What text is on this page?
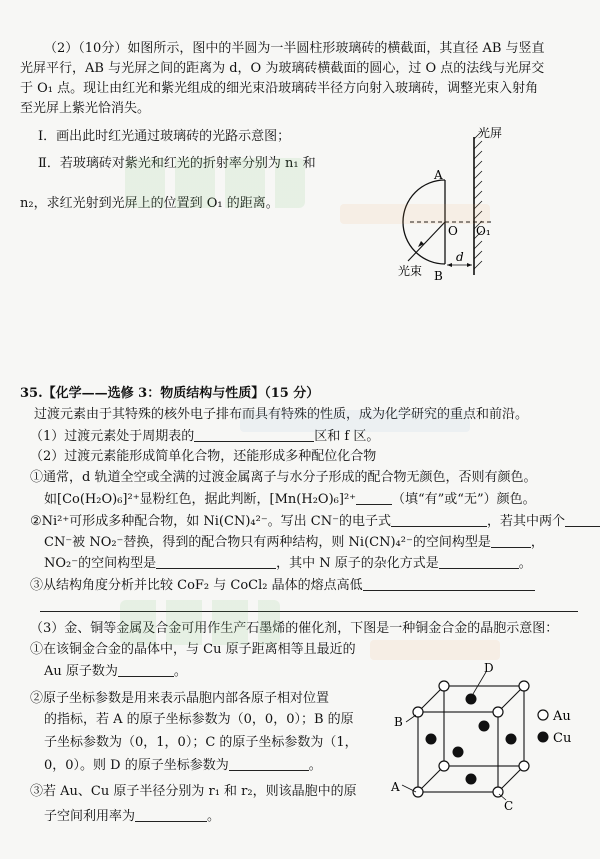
（2）（10分）如图所示，图中的半圆为一半圆柱形玻璃砖的横截面，其直径 AB 与竖直
光屏平行，AB 与光屏之间的距离为 d，O 为玻璃砖横截面的圆心，过 O 点的法线与光屏交
于 O₁ 点。现让由红光和紫光组成的细光束沿玻璃砖半径方向射入玻璃砖，调整光束入射角
至光屏上紫光恰消失。
Ⅰ．画出此时红光通过玻璃砖的光路示意图；
Ⅱ．若玻璃砖对紫光和红光的折射率分别为 n₁ 和
n₂，求红光射到光屏上的位置到 O₁ 的距离。
光屏
A
B
O O₁
d
光束
35.【化学——选修 3：物质结构与性质】（15 分）
过渡元素由于其特殊的核外电子排布而具有特殊的性质，成为化学研究的重点和前沿。
（1）过渡元素处于周期表的	区和 f 区。
（2）过渡元素能形成简单化合物，还能形成多种配位化合物
①通常，d 轨道全空或全满的过渡金属离子与水分子形成的配合物无颜色，否则有颜色。
如[Co(H₂O)₆]²⁺显粉红色，据此判断，[Mn(H₂O)₆]²⁺	（填“有”或“无”）颜色。
②Ni²⁺可形成多种配合物，如 Ni(CN)₄²⁻。写出 CN⁻的电子式	，若其中两个
CN⁻被 NO₂⁻替换，得到的配合物只有两种结构，则 Ni(CN)₄²⁻的空间构型是	，
NO₂⁻的空间构型是	，其中 N 原子的杂化方式是	。
③从结构角度分析并比较 CoF₂ 与 CoCl₂ 晶体的熔点高低
（3）金、铜等金属及合金可用作生产石墨烯的催化剂，下图是一种铜金合金的晶胞示意图：
①在该铜金合金的晶体中，与 Cu 原子距离相等且最近的
Au 原子数为	。
②原子坐标参数是用来表示晶胞内部各原子相对位置
的指标，若 A 的原子坐标参数为（0，0，0）；B 的原
子坐标参数为（0，1，0）；C 的原子坐标参数为（1，
0，0）。则 D 的原子坐标参数为	。
③若 Au、Cu 原子半径分别为 r₁ 和 r₂，则该晶胞中的原
子空间利用率为	。
B
A
C
D
Au
Cu
